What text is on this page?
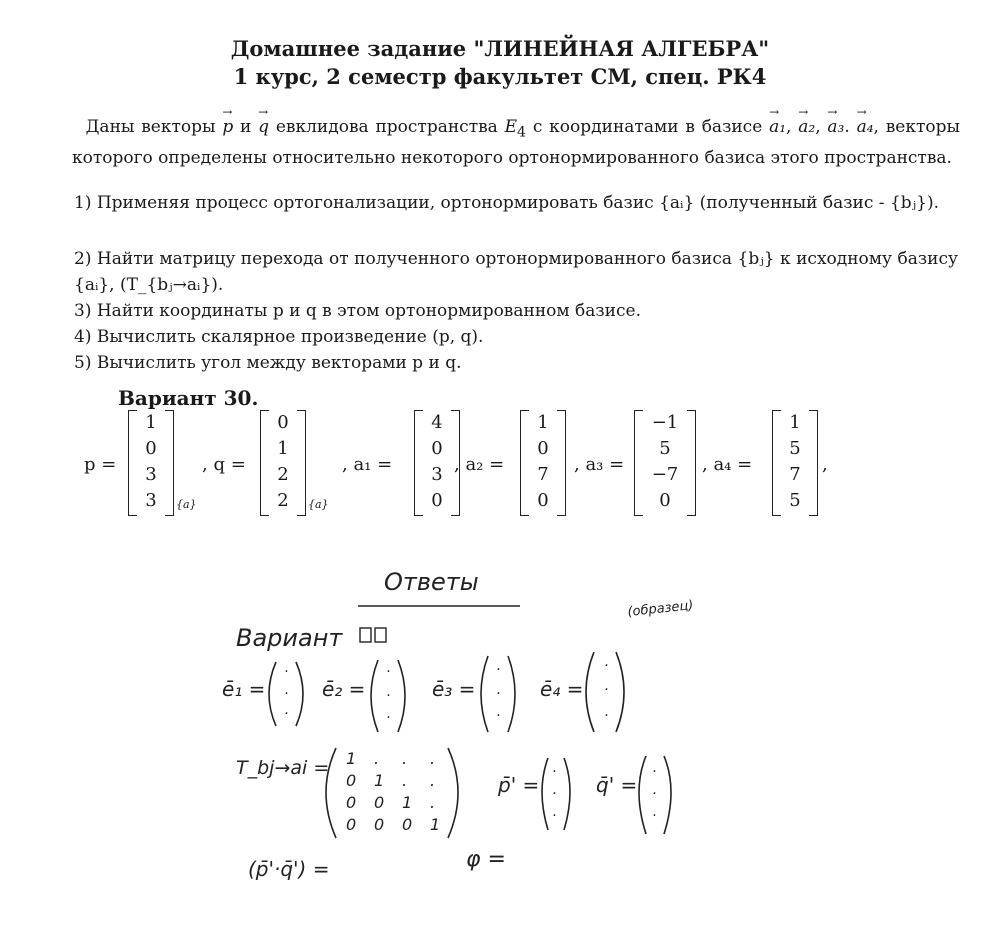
Домашнее задание "ЛИНЕЙНАЯ АЛГЕБРА"
1 курс, 2 семестр факультет СМ, спец. РК4
Даны векторы → p и → q евклидова пространства $E_4$ с координатами в базисе → a₁, → a₂, → a₃. → a₄, векторы которого определены относительно некоторого ортонормированного базиса этого пространства.
1) Применяя процесс ортогонализации, ортонормировать базис {aᵢ} (полученный базис - {bⱼ}).
2) Найти матрицу перехода от полученного ортонормированного базиса {bⱼ} к исходному базису {aᵢ}, (T_{bⱼ→aᵢ}).
3) Найти координаты p и q в этом ортонормированном базисе.
4) Вычислить скалярное произведение (p, q).
5) Вычислить угол между векторами p и q.
Вариант 30.
p =
1
0
3
3	{a}
, q =
0
1
2
2	{a}
, a₁ =
4
0
3
0
, a₂ =
1
0
7
0
, a₃ =
−1
5
−7
0
, a₄ =
1
5
7
5
,
Ответы
(образец)
Вариант
ē₁ =
·
·
·
ē₂ =
·
·
·
ē₃ =
·
·
·
ē₄ =
·
·
·
T_bj→ai = 1 . . .
0 1 . .
0 0 1 .
0 0 0 1
p̄' =
·
·
·
q̄' =
·
·
·
(p̄'·q̄') =	φ =
